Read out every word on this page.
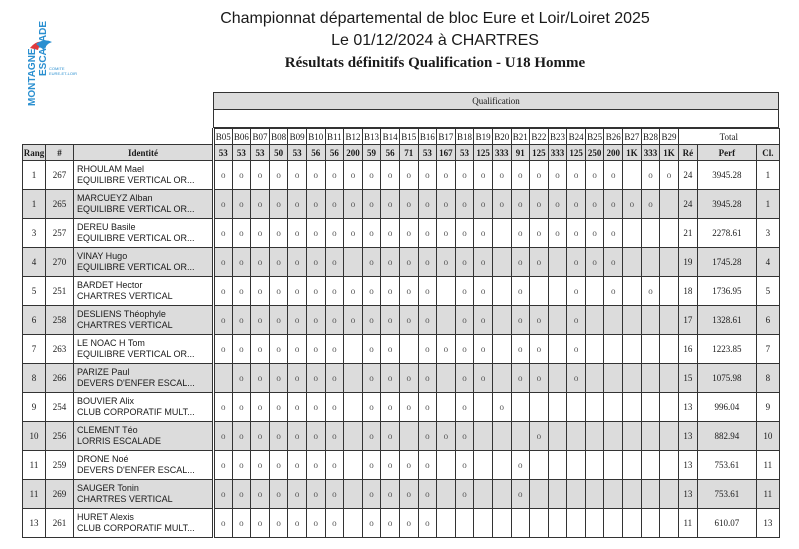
MONTAGNE ESCALADE COMITE
EURE-ET-LOIR
Championnat départemental de bloc Eure et Loir/Loiret 2025
Le 01/12/2024 à CHARTRES
Résultats définitifs Qualification - U18 Homme
Qualification
			B05	B06	B07	B08	B09	B10	B11	B12	B13	B14	B15	B16	B17	B18	B19	B20	B21	B22	B23	B24	B25	B26	B27	B28	B29	Total		
Rang	#	Identité	53	53	53	50	53	56	56	200	59	56	71	53	167	53	125	333	91	125	333	125	250	200	1K	333	1K	Ré	Perf	Cl.
1	267	RHOULAM Mael
EQUILIBRE VERTICAL OR...	o	o	o	o	o	o	o	o	o	o	o	o	o	o	o	o	o	o	o	o	o	o		o	o	24	3945.28	1
1	265	MARCUEYZ Alban
EQUILIBRE VERTICAL OR...	o	o	o	o	o	o	o	o	o	o	o	o	o	o	o	o	o	o	o	o	o	o	o	o		24	3945.28	1
3	257	DEREU Basile
EQUILIBRE VERTICAL OR...	o	o	o	o	o	o	o	o	o	o	o	o	o	o	o		o	o	o	o	o	o				21	2278.61	3
4	270	VINAY Hugo
EQUILIBRE VERTICAL OR...	o	o	o	o	o	o	o		o	o	o	o	o	o	o		o	o		o	o	o				19	1745.28	4
5	251	BARDET Hector
CHARTRES VERTICAL	o	o	o	o	o	o	o	o	o	o	o	o		o	o		o			o		o		o		18	1736.95	5
6	258	DESLIENS Théophyle
CHARTRES VERTICAL	o	o	o	o	o	o	o	o	o	o	o	o		o	o		o	o		o						17	1328.61	6
7	263	LE NOAC H Tom
EQUILIBRE VERTICAL OR...	o	o	o	o	o	o	o		o	o		o	o	o	o		o	o		o						16	1223.85	7
8	266	PARIZE Paul
DEVERS D'ENFER ESCAL...		o	o	o	o	o	o		o	o	o	o		o	o		o	o		o						15	1075.98	8
9	254	BOUVIER Alix
CLUB CORPORATIF MULT...	o	o	o	o	o	o	o		o	o	o	o		o		o										13	996.04	9
10	256	CLEMENT Téo
LORRIS ESCALADE	o	o	o	o	o	o	o		o	o		o	o	o				o								13	882.94	10
11	259	DRONE Noé
DEVERS D'ENFER ESCAL...	o	o	o	o	o	o	o		o	o	o	o		o			o									13	753.61	11
11	269	SAUGER Tonin
CHARTRES VERTICAL	o	o	o	o	o	o	o		o	o	o	o		o			o									13	753.61	11
13	261	HURET Alexis
CLUB CORPORATIF MULT...	o	o	o	o	o	o	o		o	o	o	o														11	610.07	13
